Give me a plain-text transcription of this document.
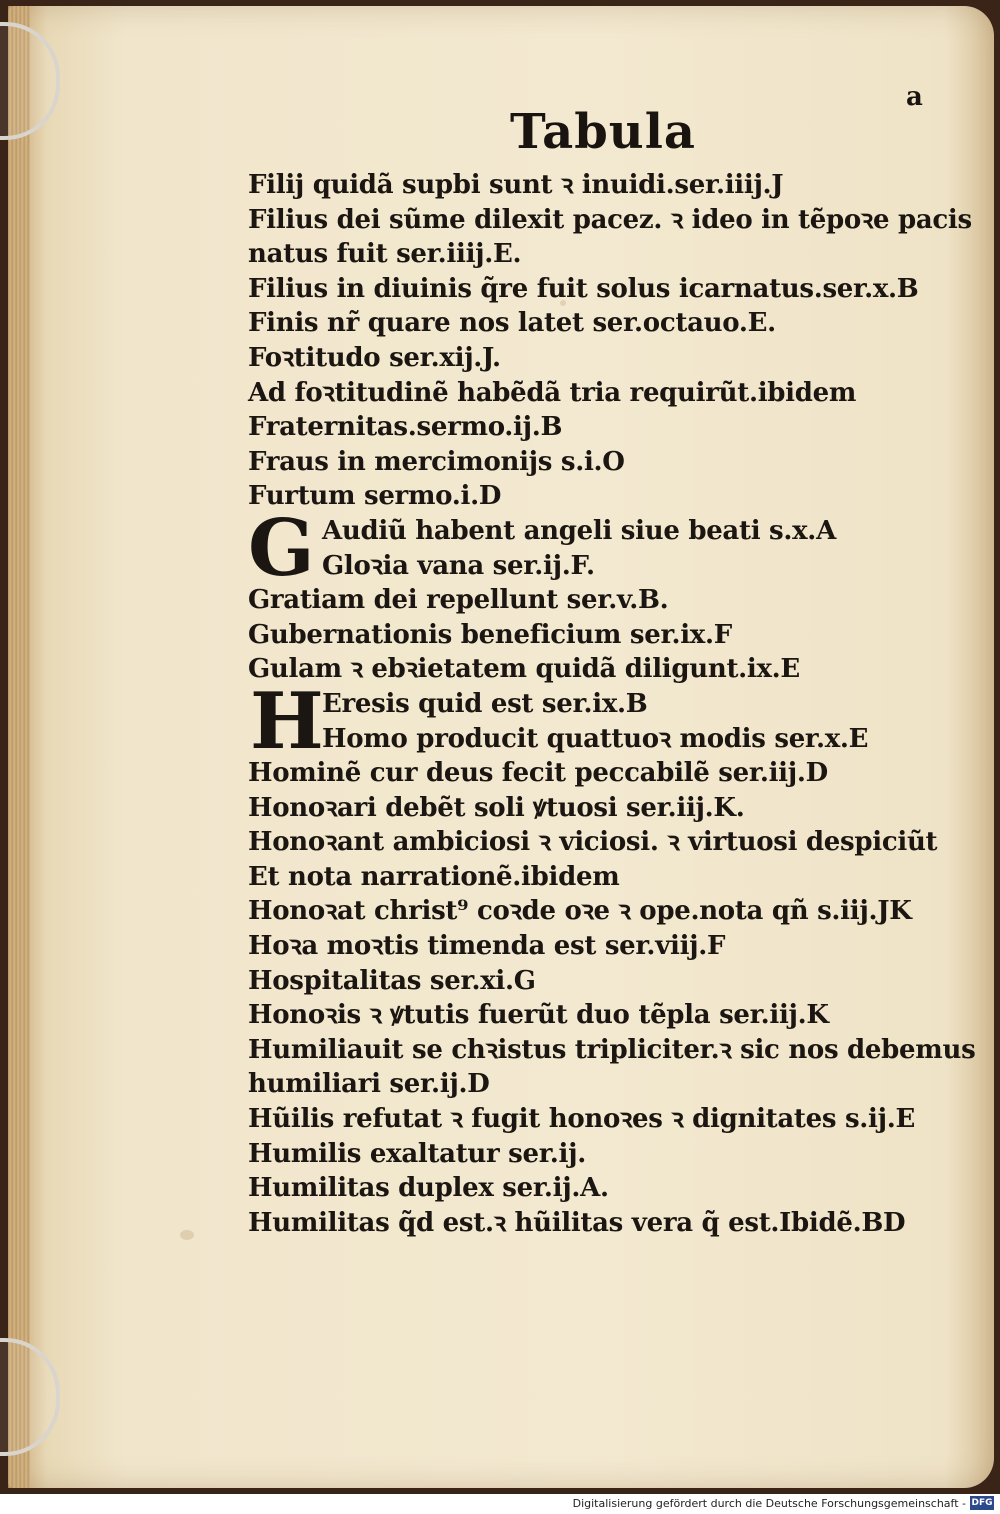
a
Tabula
G
H
Filij quidã supbi sunt ꝛ inuidi.ser.iiij.J
Filius dei sũme dilexit pacez. ꝛ ideo in tẽpoꝛe pacis
natus fuit ser.iiij.E.
Filius in diuinis q̃re fuit solus icarnatus.ser.x.B
Finis nr̃ quare nos latet ser.octauo.E.
Foꝛtitudo ser.xij.J.
Ad foꝛtitudinẽ habẽdã tria requirũt.ibidem
Fraternitas.sermo.ij.B
Fraus in mercimonijs s.i.O
Furtum sermo.i.D
Audiũ habent angeli siue beati s.x.A
Gloꝛia vana ser.ij.F.
Gratiam dei repellunt ser.v.B.
Gubernationis beneficium ser.ix.F
Gulam ꝛ ebꝛietatem quidã diligunt.ix.E
Eresis quid est ser.ix.B
Homo producit quattuoꝛ modis ser.x.E
Hominẽ cur deus fecit peccabilẽ ser.iij.D
Honoꝛari debẽt soli ꝟtuosi ser.iij.K.
Honoꝛant ambiciosi ꝛ viciosi. ꝛ virtuosi despiciũt
Et nota narrationẽ.ibidem
Honoꝛat christ⁹ coꝛde oꝛe ꝛ ope.nota qñ s.iij.JK
Hoꝛa moꝛtis timenda est ser.viij.F
Hospitalitas ser.xi.G
Honoꝛis ꝛ ꝟtutis fuerũt duo tẽpla ser.iij.K
Humiliauit se chꝛistus tripliciter.ꝛ sic nos debemus
humiliari ser.ij.D
Hũilis refutat ꝛ fugit honoꝛes ꝛ dignitates s.ij.E
Humilis exaltatur ser.ij.
Humilitas duplex ser.ij.A.
Humilitas q̃d est.ꝛ hũilitas vera q̃ est.Ibidẽ.BD
Digitalisierung gefördert durch die Deutsche Forschungsgemeinschaft - DFG
